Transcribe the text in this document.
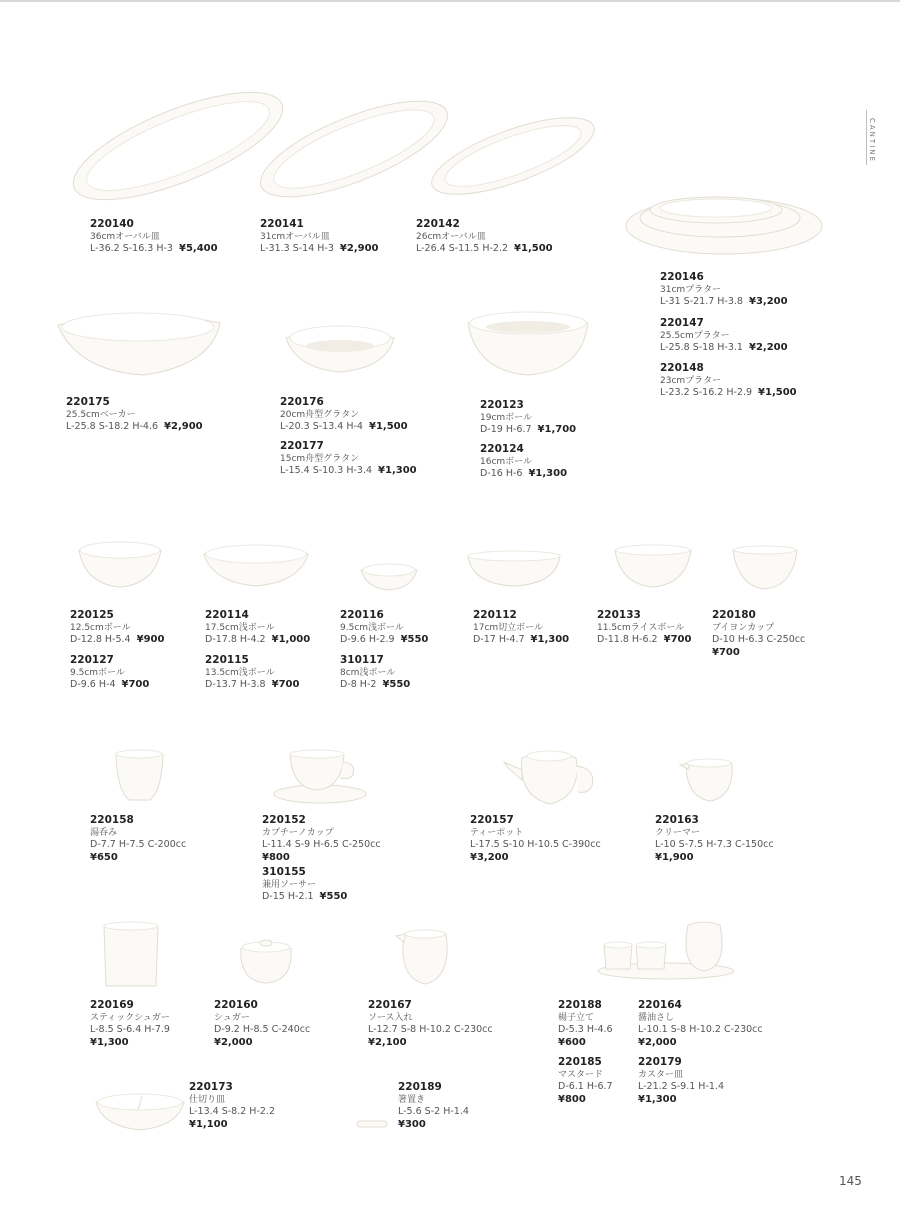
CANTINE
220140
36cmオーバル皿
L-36.2 S-16.3 H-3 ¥5,400
220141
31cmオーバル皿
L-31.3 S-14 H-3 ¥2,900
220142
26cmオーバル皿
L-26.4 S-11.5 H-2.2 ¥1,500
220146
31cmプラター
L-31 S-21.7 H-3.8 ¥3,200
220147
25.5cmプラター
L-25.8 S-18 H-3.1 ¥2,200
220148
23cmプラター
L-23.2 S-16.2 H-2.9 ¥1,500
220175
25.5cmベーカー
L-25.8 S-18.2 H-4.6 ¥2,900
220176
20cm舟型グラタン
L-20.3 S-13.4 H-4 ¥1,500
220177
15cm舟型グラタン
L-15.4 S-10.3 H-3.4 ¥1,300
220123
19cmボール
D-19 H-6.7 ¥1,700
220124
16cmボール
D-16 H-6 ¥1,300
220125
12.5cmボール
D-12.8 H-5.4 ¥900
220127
9.5cmボール
D-9.6 H-4 ¥700
220114
17.5cm浅ボール
D-17.8 H-4.2 ¥1,000
220115
13.5cm浅ボール
D-13.7 H-3.8 ¥700
220116
9.5cm浅ボール
D-9.6 H-2.9 ¥550
310117
8cm浅ボール
D-8 H-2 ¥550
220112
17cm切立ボール
D-17 H-4.7 ¥1,300
220133
11.5cmライスボール
D-11.8 H-6.2 ¥700
220180
ブイヨンカップ
D-10 H-6.3 C-250cc
¥700
220158
湯呑み
D-7.7 H-7.5 C-200cc
¥650
220152
カプチーノカップ
L-11.4 S-9 H-6.5 C-250cc
¥800
310155
兼用ソーサー
D-15 H-2.1 ¥550
220157
ティーポット
L-17.5 S-10 H-10.5 C-390cc
¥3,200
220163
クリーマー
L-10 S-7.5 H-7.3 C-150cc
¥1,900
220169
スティックシュガー
L-8.5 S-6.4 H-7.9
¥1,300
220160
シュガー
D-9.2 H-8.5 C-240cc
¥2,000
220167
ソース入れ
L-12.7 S-8 H-10.2 C-230cc
¥2,100
220188
楊子立て
D-5.3 H-4.6
¥600
220185
マスタード
D-6.1 H-6.7
¥800
220164
醤油さし
L-10.1 S-8 H-10.2 C-230cc
¥2,000
220179
カスター皿
L-21.2 S-9.1 H-1.4
¥1,300
220173
仕切り皿
L-13.4 S-8.2 H-2.2
¥1,100
220189
箸置き
L-5.6 S-2 H-1.4
¥300
145
